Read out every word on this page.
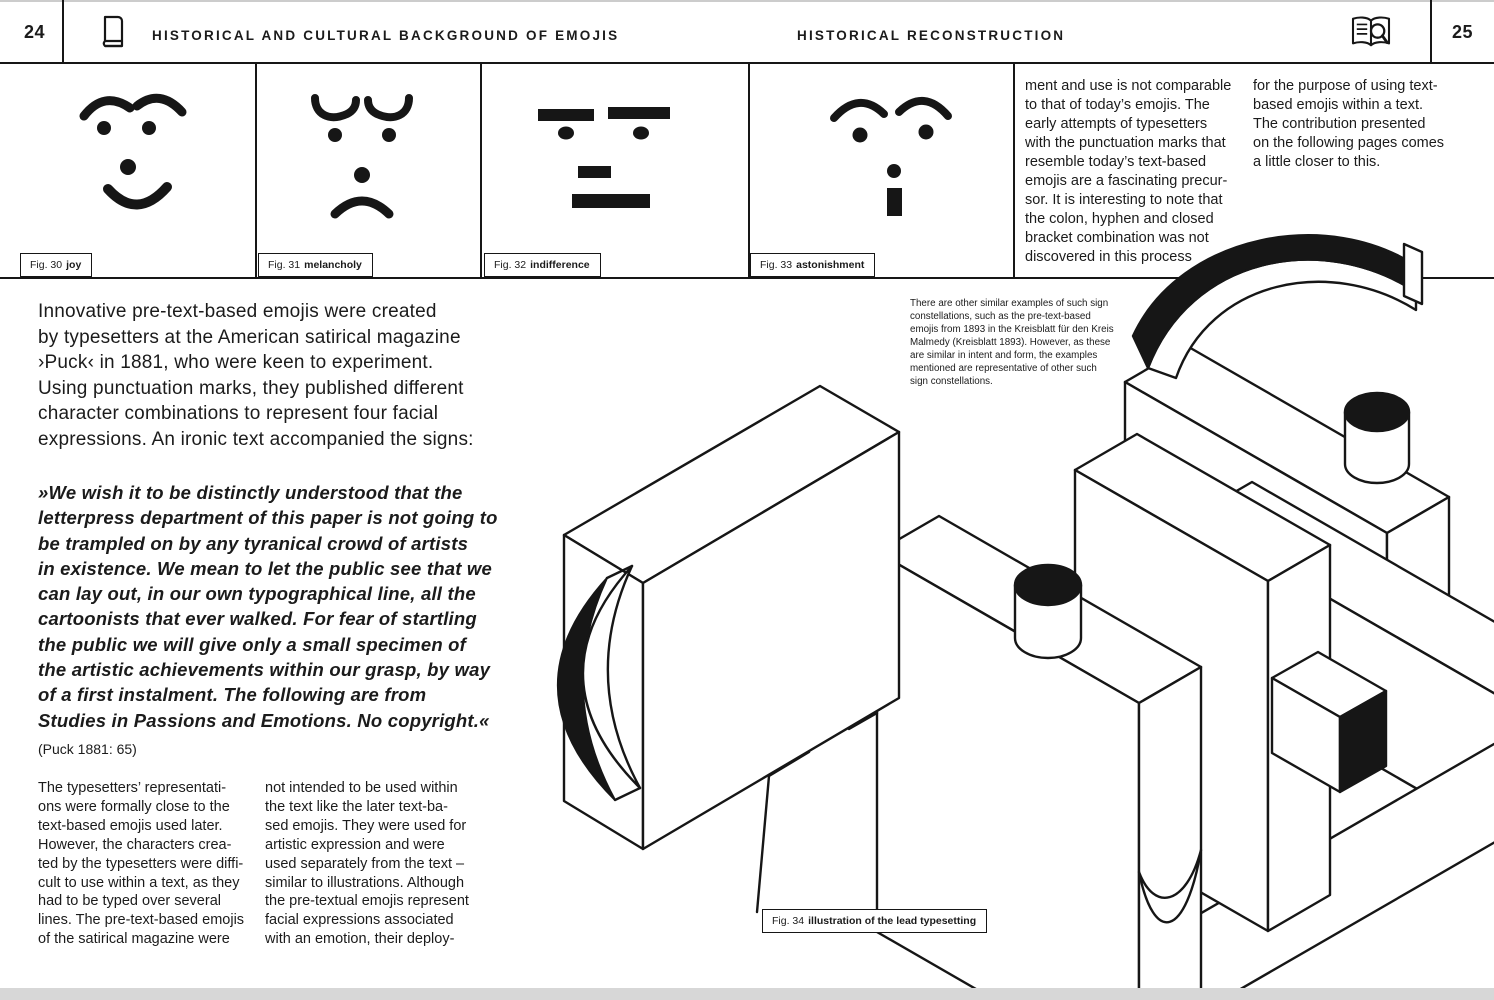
24	HISTORICAL AND CULTURAL BACKGROUND OF EMOJIS	HISTORICAL RECONSTRUCTION	25
Fig. 30 joy	Fig. 31 melancholy	Fig. 32 indifference	Fig. 33 astonishment
Fig. 34 illustration of the lead typesetting
Innovative pre-text-based emojis were created
by typesetters at the American satirical magazine
›Puck‹ in 1881, who were keen to experiment.
Using punctuation marks, they published different
character combinations to represent four facial
expressions. An ironic text accompanied the signs:
»We wish it to be distinctly understood that the
letterpress department of this paper is not going to
be trampled on by any tyranical crowd of artists
in existence. We mean to let the public see that we
can lay out, in our own typographical line, all the
cartoonists that ever walked. For fear of startling
the public we will give only a small specimen of
the artistic achievements within our grasp, by way
of a first instalment. The following are from
Studies in Passions and Emotions. No copyright.«
(Puck 1881: 65)
The typesetters’ representati-
ons were formally close to the
text-based emojis used later.
However, the characters crea-
ted by the typesetters were diffi-
cult to use within a text, as they
had to be typed over several
lines. The pre-text-based emojis
of the satirical magazine were
not intended to be used within
the text like the later text-ba-
sed emojis. They were used for
artistic expression and were
used separately from the text –
similar to illustrations. Although
the pre-textual emojis represent
facial expressions associated
with an emotion, their deploy-
ment and use is not comparable
to that of today’s emojis. The
early attempts of typesetters
with the punctuation marks that
resemble today’s text-based
emojis are a fascinating precur-
sor. It is interesting to note that
the colon, hyphen and closed
bracket combination was not
discovered in this process
for the purpose of using text-
based emojis within a text.
The contribution presented
on the following pages comes
a little closer to this.
There are other similar examples of such sign
constellations, such as the pre-text-based
emojis from 1893 in the Kreisblatt für den Kreis
Malmedy (Kreisblatt 1893). However, as these
are similar in intent and form, the examples
mentioned are representative of other such
sign constellations.
